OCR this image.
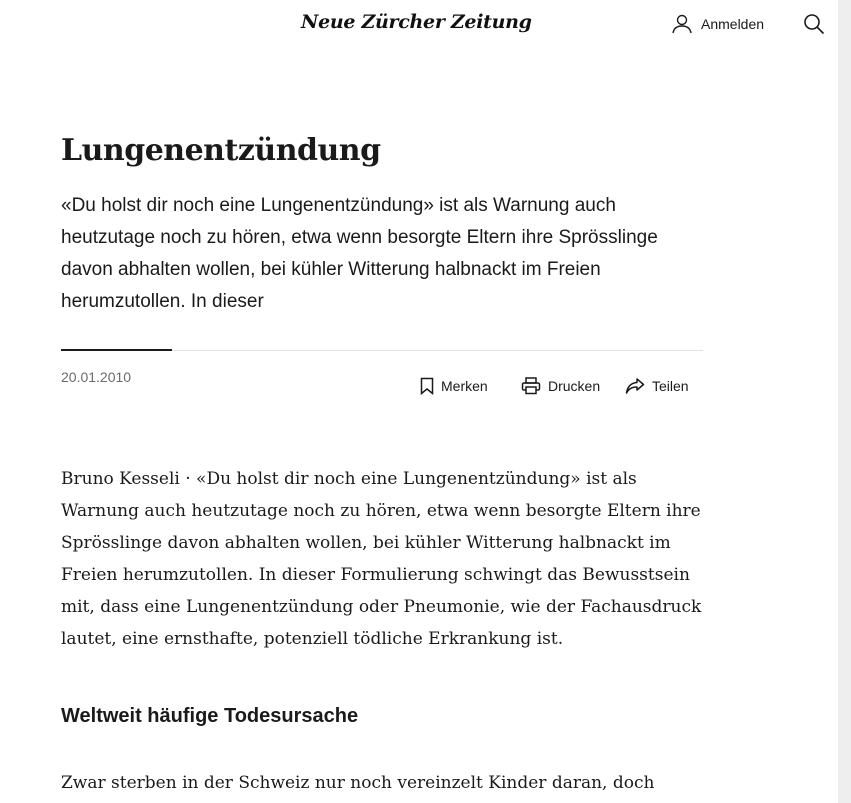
Neue Zürcher Zeitung	Anmelden
Lungenentzündung

«Du holst dir noch eine Lungenentzündung» ist als Warnung auch heutzutage noch zu hören, etwa wenn besorgte Eltern ihre Sprösslinge davon abhalten wollen, bei kühler Witterung halbnackt im Freien herumzutollen. In dieser

20.01.2010
Merken	Drucken	Teilen

Bruno Kesseli · «Du holst dir noch eine Lungenentzündung» ist als Warnung auch heutzutage noch zu hören, etwa wenn besorgte Eltern ihre Sprösslinge davon abhalten wollen, bei kühler Witterung halbnackt im Freien herumzutollen. In dieser Formulierung schwingt das Bewusstsein mit, dass eine Lungenentzündung oder Pneumonie, wie der Fachausdruck lautet, eine ernsthafte, potenziell tödliche Erkrankung ist.

Weltweit häufige Todesursache

Zwar sterben in der Schweiz nur noch vereinzelt Kinder daran, doch
